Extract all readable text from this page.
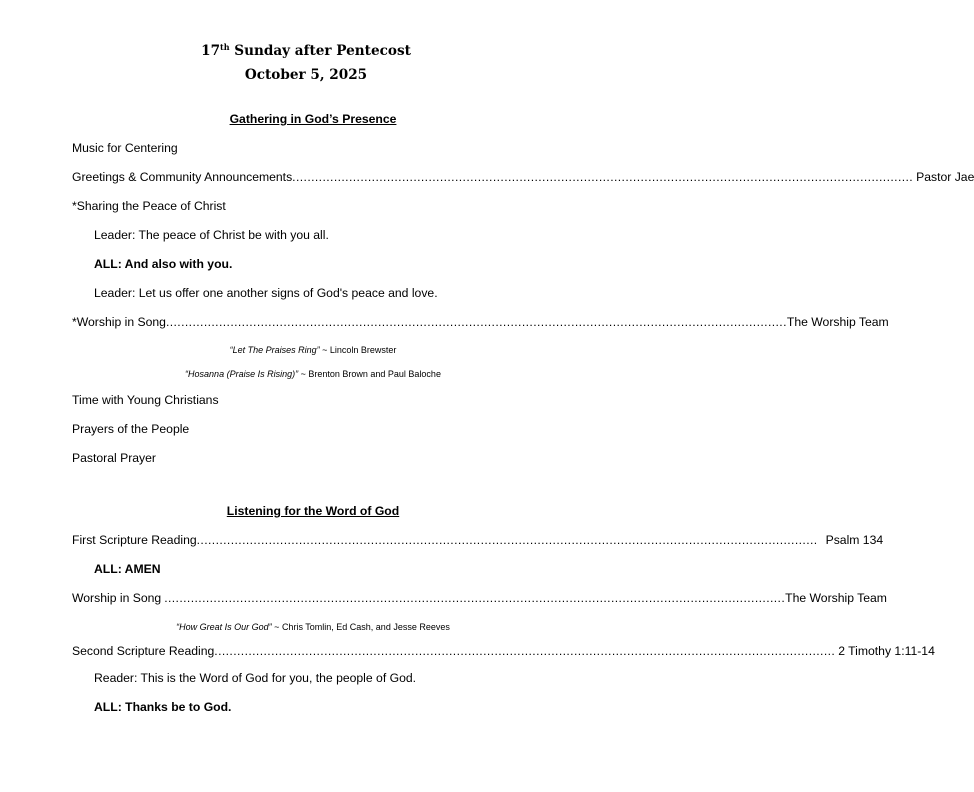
17th Sunday after Pentecost
October 5, 2025
Gathering in God’s Presence
Music for Centering
Greetings & Community Announcements .................................................................................................................................................................... Pastor Jae
*Sharing the Peace of Christ
Leader: The peace of Christ be with you all.
ALL: And also with you.
Leader: Let us offer one another signs of God's peace and love.
*Worship in Song .................................................................................................................................................................... The Worship Team
“Let The Praises Ring” ~ Lincoln Brewster
“Hosanna (Praise Is Rising)” ~ Brenton Brown and Paul Baloche
Time with Young Christians
Prayers of the People
Pastoral Prayer
Listening for the Word of God
First Scripture Reading .................................................................................................................................................................... Psalm 134
ALL: AMEN
Worship in Song .................................................................................................................................................................... The Worship Team
“How Great Is Our God” ~ Chris Tomlin, Ed Cash, and Jesse Reeves
Second Scripture Reading .................................................................................................................................................................... 2 Timothy 1:11-14
Reader: This is the Word of God for you, the people of God.
ALL: Thanks be to God.
